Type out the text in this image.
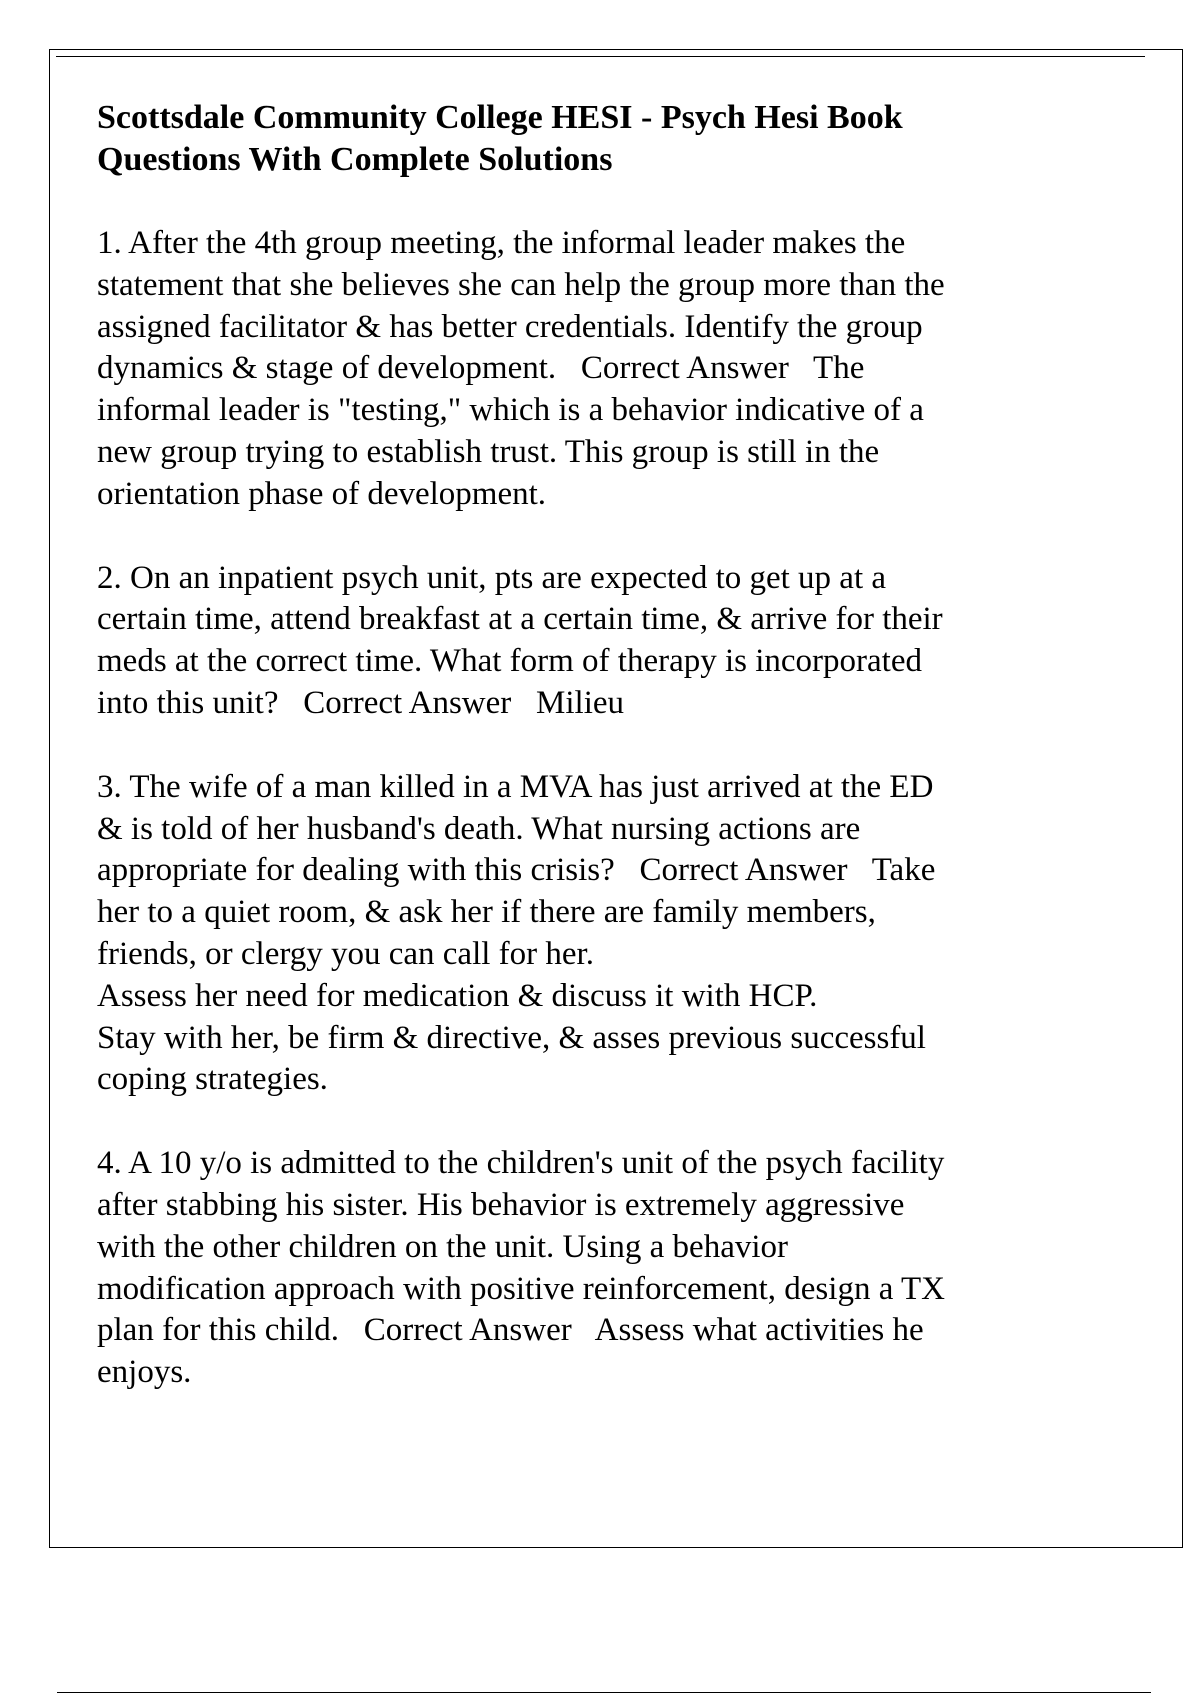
Scottsdale Community College HESI - Psych Hesi Book
Questions With Complete Solutions

1. After the 4th group meeting, the informal leader makes the
statement that she believes she can help the group more than the
assigned facilitator & has better credentials. Identify the group
dynamics & stage of development.   Correct Answer   The
informal leader is "testing," which is a behavior indicative of a
new group trying to establish trust. This group is still in the
orientation phase of development.

2. On an inpatient psych unit, pts are expected to get up at a
certain time, attend breakfast at a certain time, & arrive for their
meds at the correct time. What form of therapy is incorporated
into this unit?   Correct Answer   Milieu

3. The wife of a man killed in a MVA has just arrived at the ED
& is told of her husband's death. What nursing actions are
appropriate for dealing with this crisis?   Correct Answer   Take
her to a quiet room, & ask her if there are family members,
friends, or clergy you can call for her.
Assess her need for medication & discuss it with HCP.
Stay with her, be firm & directive, & asses previous successful
coping strategies.

4. A 10 y/o is admitted to the children's unit of the psych facility
after stabbing his sister. His behavior is extremely aggressive
with the other children on the unit. Using a behavior
modification approach with positive reinforcement, design a TX
plan for this child.   Correct Answer   Assess what activities he
enjoys.
